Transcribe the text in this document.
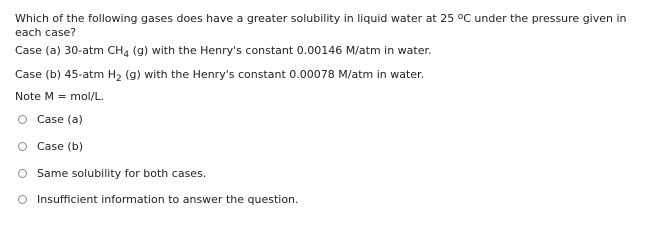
Which of the following gases does have a greater solubility in liquid water at 25 $^o$C under the pressure given in each case?

Case (a) 30-atm $CH_4$ (g) with the Henry's constant 0.00146 M/atm in water.
Case (b) 45-atm $H_2$ (g) with the Henry's constant 0.00078 M/atm in water.
Note M = mol/L.
Case (a)
Case (b)
Same solubility for both cases.
Insufficient information to answer the question.
